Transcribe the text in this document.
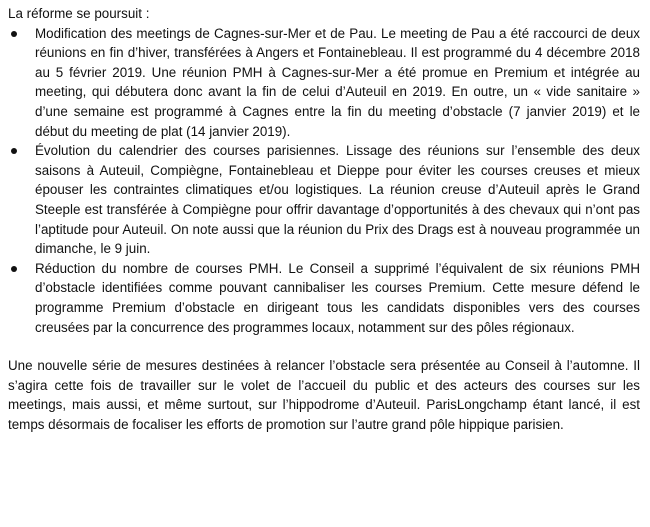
La réforme se poursuit :

Modification des meetings de Cagnes-sur-Mer et de Pau. Le meeting de Pau a été raccourci de deux réunions en fin d’hiver, transférées à Angers et Fontainebleau. Il est programmé du 4 décembre 2018 au 5 février 2019. Une réunion PMH à Cagnes-sur-Mer a été promue en Premium et intégrée au meeting, qui débutera donc avant la fin de celui d’Auteuil en 2019. En outre, un « vide sanitaire » d’une semaine est programmé à Cagnes entre la fin du meeting d’obstacle (7 janvier 2019) et le début du meeting de plat (14 janvier 2019).
Évolution du calendrier des courses parisiennes. Lissage des réunions sur l’ensemble des deux saisons à Auteuil, Compiègne, Fontainebleau et Dieppe pour éviter les courses creuses et mieux épouser les contraintes climatiques et/ou logistiques. La réunion creuse d’Auteuil après le Grand Steeple est transférée à Compiègne pour offrir davantage d’opportunités à des chevaux qui n’ont pas l’aptitude pour Auteuil. On note aussi que la réunion du Prix des Drags est à nouveau programmée un dimanche, le 9 juin.
Réduction du nombre de courses PMH. Le Conseil a supprimé l’équivalent de six réunions PMH d’obstacle identifiées comme pouvant cannibaliser les courses Premium. Cette mesure défend le programme Premium d’obstacle en dirigeant tous les candidats disponibles vers des courses creusées par la concurrence des programmes locaux, notamment sur des pôles régionaux.

Une nouvelle série de mesures destinées à relancer l’obstacle sera présentée au Conseil à l’automne. Il s’agira cette fois de travailler sur le volet de l’accueil du public et des acteurs des courses sur les meetings, mais aussi, et même surtout, sur l’hippodrome d’Auteuil. ParisLongchamp étant lancé, il est temps désormais de focaliser les efforts de promotion sur l’autre grand pôle hippique parisien.
